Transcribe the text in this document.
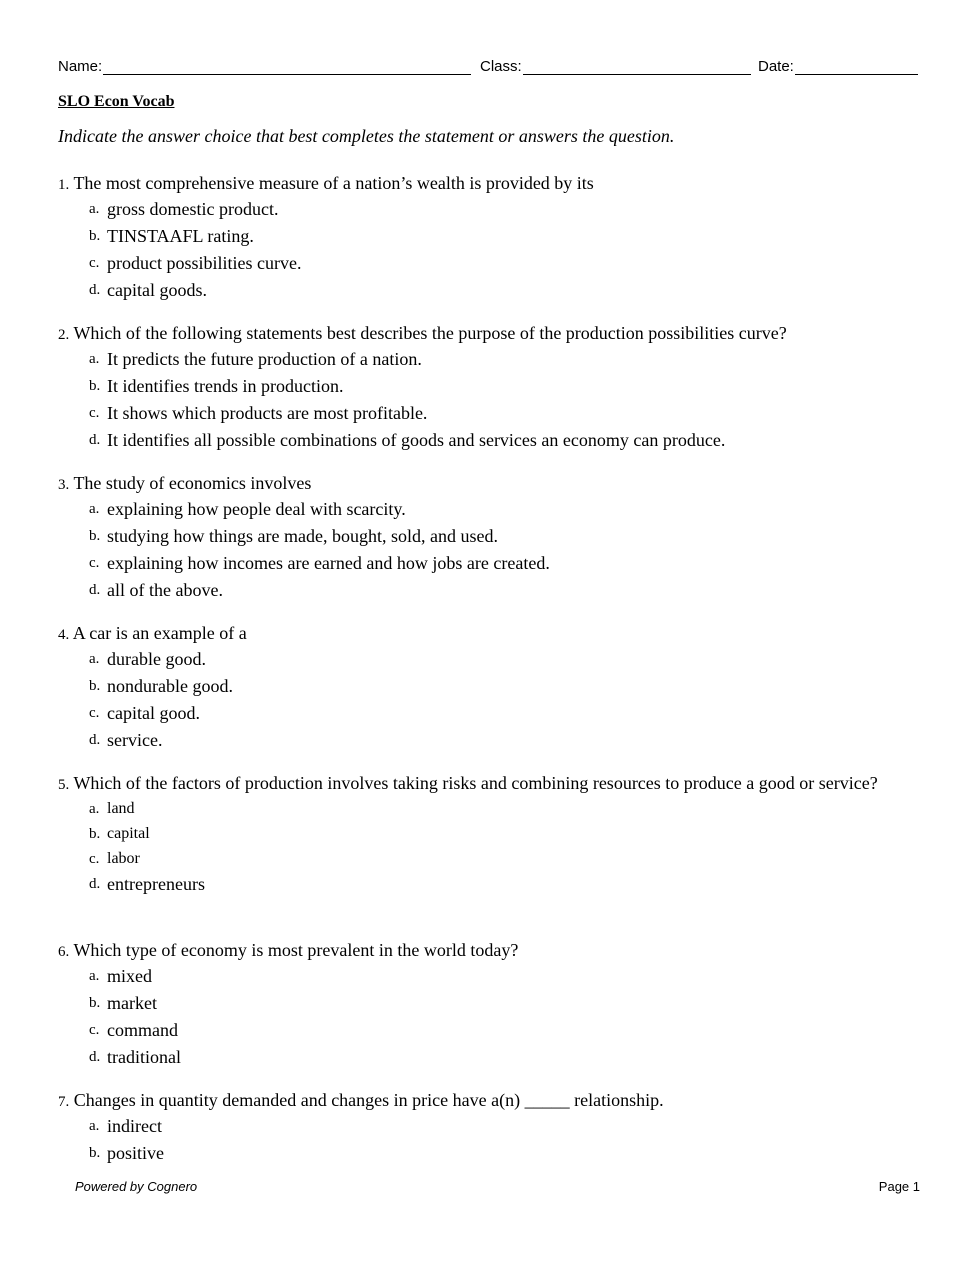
Name:	Class:	Date:
SLO Econ Vocab
Indicate the answer choice that best completes the statement or answers the question.
1. The most comprehensive measure of a nation’s wealth is provided by its
a. gross domestic product.
b. TINSTAAFL rating.
c. product possibilities curve.
d. capital goods.
2. Which of the following statements best describes the purpose of the production possibilities curve?
a. It predicts the future production of a nation.
b. It identifies trends in production.
c. It shows which products are most profitable.
d. It identifies all possible combinations of goods and services an economy can produce.
3. The study of economics involves
a. explaining how people deal with scarcity.
b. studying how things are made, bought, sold, and used.
c. explaining how incomes are earned and how jobs are created.
d. all of the above.
4. A car is an example of a
a. durable good.
b. nondurable good.
c. capital good.
d. service.
5. Which of the factors of production involves taking risks and combining resources to produce a good or service?
a. land
b. capital
c. labor
d. entrepreneurs
6. Which type of economy is most prevalent in the world today?
a. mixed
b. market
c. command
d. traditional
7. Changes in quantity demanded and changes in price have a(n) _____ relationship.
a. indirect
b. positive
Powered by Cognero	Page 1
